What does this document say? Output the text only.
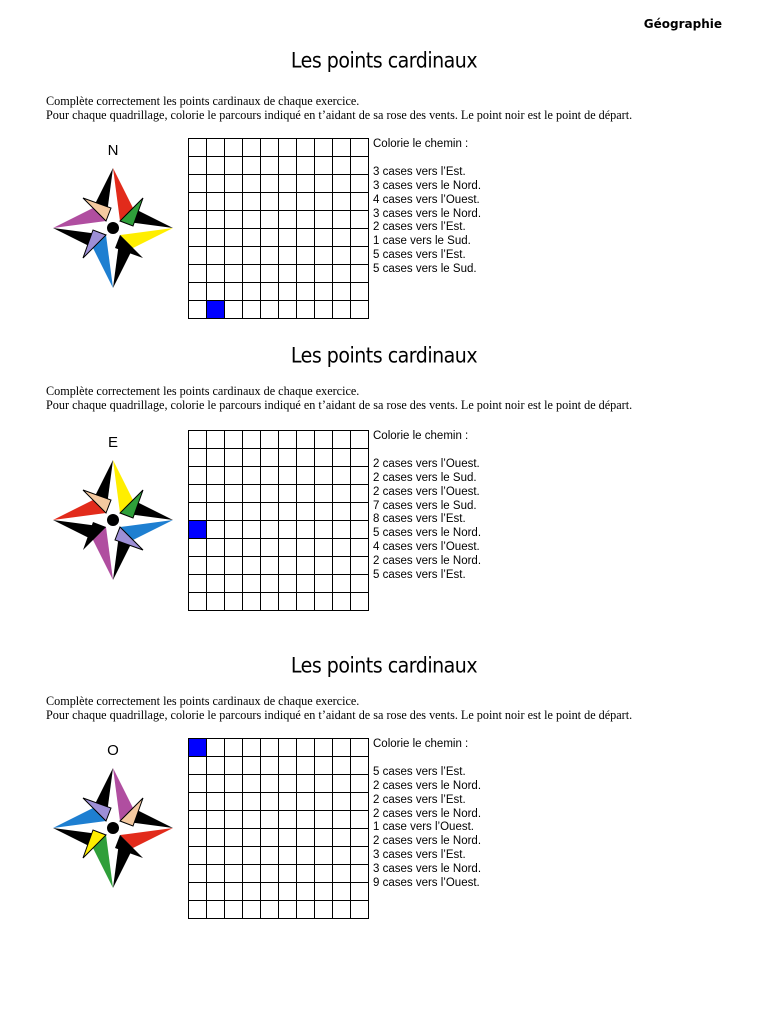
Géographie
Les points cardinaux
Complète correctement les points cardinaux de chaque exercice.
Pour chaque quadrillage, colorie le parcours indiqué en t’aidant de sa rose des vents. Le point noir est le point de départ.
N	Colorie le chemin :
3 cases vers l’Est.
3 cases vers le Nord.
4 cases vers l’Ouest.
3 cases vers le Nord.
2 cases vers l’Est.
1 case vers le Sud.
5 cases vers l’Est.
5 cases vers le Sud.
Les points cardinaux
Complète correctement les points cardinaux de chaque exercice.
Pour chaque quadrillage, colorie le parcours indiqué en t’aidant de sa rose des vents. Le point noir est le point de départ.
E	Colorie le chemin :
2 cases vers l’Ouest.
2 cases vers le Sud.
2 cases vers l’Ouest.
7 cases vers le Sud.
8 cases vers l’Est.
5 cases vers le Nord.
4 cases vers l’Ouest.
2 cases vers le Nord.
5 cases vers l’Est.
Les points cardinaux
Complète correctement les points cardinaux de chaque exercice.
Pour chaque quadrillage, colorie le parcours indiqué en t’aidant de sa rose des vents. Le point noir est le point de départ.
O	Colorie le chemin :
5 cases vers l’Est.
2 cases vers le Nord.
2 cases vers l’Est.
2 cases vers le Nord.
1 case vers l’Ouest.
2 cases vers le Nord.
3 cases vers l’Est.
3 cases vers le Nord.
9 cases vers l’Ouest.
